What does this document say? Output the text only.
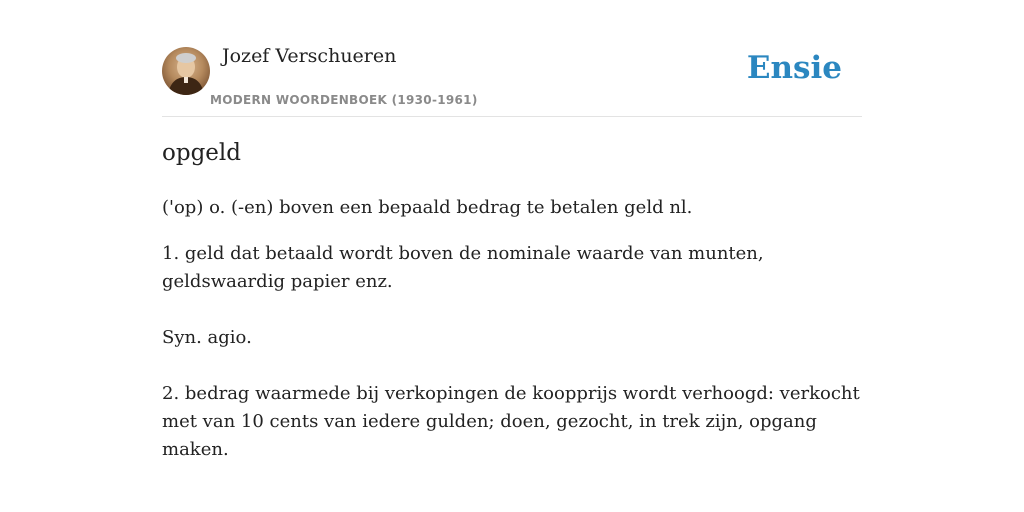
Jozef Verschueren
MODERN WOORDENBOEK (1930-1961)
Ensie
opgeld

('op) o. (-en) boven een bepaald bedrag te betalen geld nl.

1. geld dat betaald wordt boven de nominale waarde van munten, geldswaardig papier enz.

Syn. agio.

2. bedrag waarmede bij verkopingen de koopprijs wordt verhoogd: verkocht met van 10 cents van iedere gulden; doen, gezocht, in trek zijn, opgang maken.
